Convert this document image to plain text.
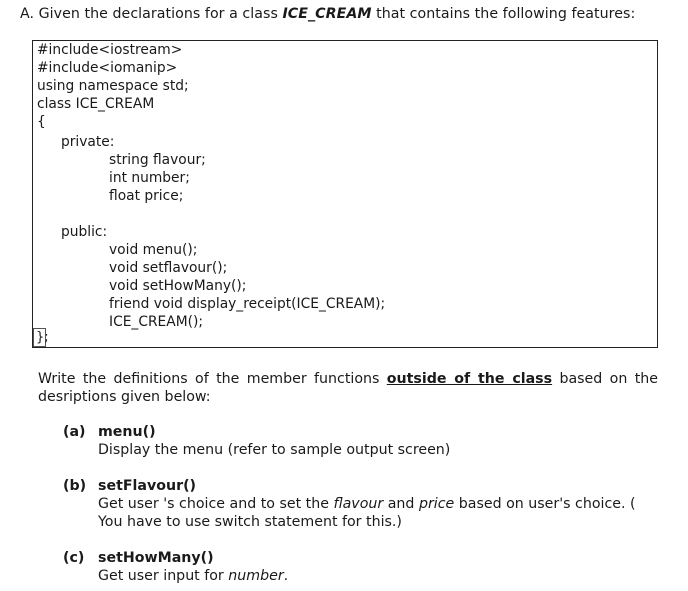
A. Given the declarations for a class ICE_CREAM that contains the following features:
#include<iostream>
#include<iomanip>
using namespace std;
class ICE_CREAM
{
private:
string flavour;
int number;
float price;
public:
void menu();
void setflavour();
void setHowMany();
friend void display_receipt(ICE_CREAM);
ICE_CREAM();
};
Write the definitions of the member functions outside of the class based on the desriptions given below:
(a) menu()
Display the menu (refer to sample output screen)
(b) setFlavour()
Get user 's choice and to set the flavour and price based on user's choice. ( You have to use switch statement for this.)
(c) setHowMany()
Get user input for number.
